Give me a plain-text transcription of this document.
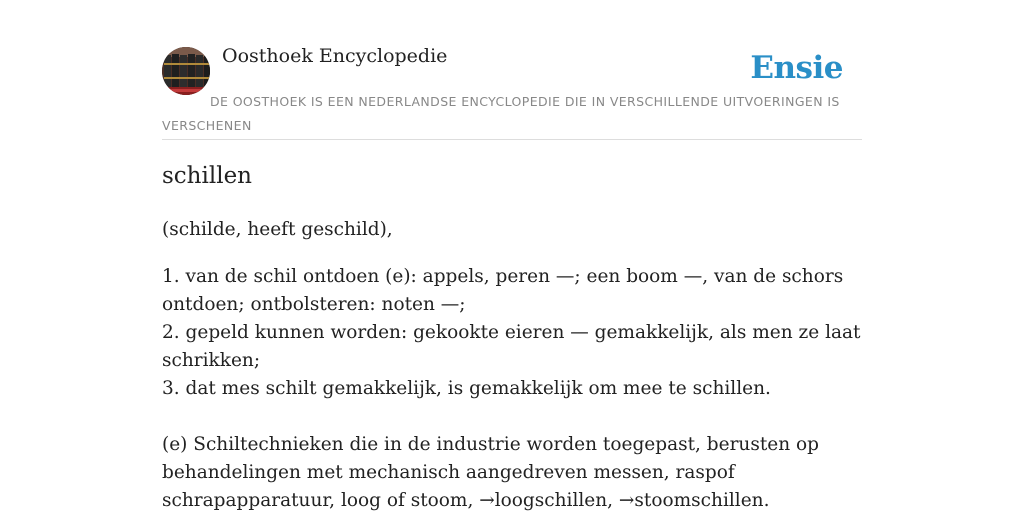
Oosthoek Encyclopedie	Ensie
DE OOSTHOEK IS EEN NEDERLANDSE ENCYCLOPEDIE DIE IN VERSCHILLENDE UITVOERINGEN IS VERSCHENEN
schillen

(schilde, heeft geschild),

1. van de schil ontdoen (e): appels, peren —; een boom —, van de schors ontdoen; ontbolsteren: noten —;
2. gepeld kunnen worden: gekookte eieren — gemakkelijk, als men ze laat schrikken;
3. dat mes schilt gemakkelijk, is gemakkelijk om mee te schillen.

(e) Schiltechnieken die in de industrie worden toegepast, berusten op behandelingen met mechanisch aangedreven messen, raspof schrapapparatuur, loog of stoom, →loogschillen, →stoomschillen.
